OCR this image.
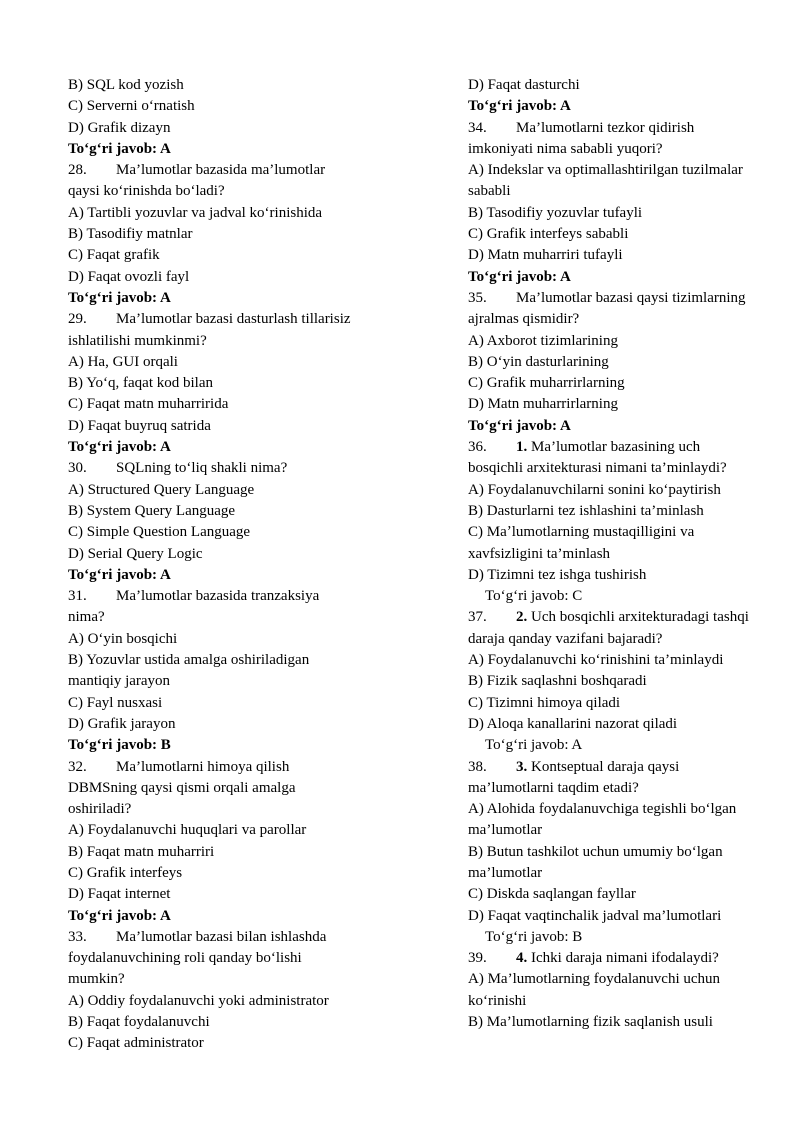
B) SQL kod yozish
C) Serverni o‘rnatish
D) Grafik dizayn
To‘g‘ri javob: A
28.	Ma’lumotlar bazasida ma’lumotlar
qaysi ko‘rinishda bo‘ladi?
A) Tartibli yozuvlar va jadval ko‘rinishida
B) Tasodifiy matnlar
C) Faqat grafik
D) Faqat ovozli fayl
To‘g‘ri javob: A
29.	Ma’lumotlar bazasi dasturlash tillarisiz
ishlatilishi mumkinmi?
A) Ha, GUI orqali
B) Yo‘q, faqat kod bilan
C) Faqat matn muharririda
D) Faqat buyruq satrida
To‘g‘ri javob: A
30.	SQLning to‘liq shakli nima?
A) Structured Query Language
B) System Query Language
C) Simple Question Language
D) Serial Query Logic
To‘g‘ri javob: A
31.	Ma’lumotlar bazasida tranzaksiya
nima?
A) O‘yin bosqichi
B) Yozuvlar ustida amalga oshiriladigan
mantiqiy jarayon
C) Fayl nusxasi
D) Grafik jarayon
To‘g‘ri javob: B
32.	Ma’lumotlarni himoya qilish
DBMSning qaysi qismi orqali amalga
oshiriladi?
A) Foydalanuvchi huquqlari va parollar
B) Faqat matn muharriri
C) Grafik interfeys
D) Faqat internet
To‘g‘ri javob: A
33.	Ma’lumotlar bazasi bilan ishlashda
foydalanuvchining roli qanday bo‘lishi
mumkin?
A) Oddiy foydalanuvchi yoki administrator
B) Faqat foydalanuvchi
C) Faqat administrator
D) Faqat dasturchi
To‘g‘ri javob: A
34.	Ma’lumotlarni tezkor qidirish
imkoniyati nima sababli yuqori?
A) Indekslar va optimallashtirilgan tuzilmalar
sababli
B) Tasodifiy yozuvlar tufayli
C) Grafik interfeys sababli
D) Matn muharriri tufayli
To‘g‘ri javob: A
35.	Ma’lumotlar bazasi qaysi tizimlarning
ajralmas qismidir?
A) Axborot tizimlarining
B) O‘yin dasturlarining
C) Grafik muharrirlarning
D) Matn muharrirlarning
To‘g‘ri javob: A
36.	1. Ma’lumotlar bazasining uch
bosqichli arxitekturasi nimani ta’minlaydi?
A) Foydalanuvchilarni sonini ko‘paytirish
B) Dasturlarni tez ishlashini ta’minlash
C) Maʼlumotlarning mustaqilligini va
xavfsizligini ta’minlash
D) Tizimni tez ishga tushirish
To‘g‘ri javob: C
37.	2. Uch bosqichli arxitekturadagi tashqi
daraja qanday vazifani bajaradi?
A) Foydalanuvchi ko‘rinishini ta’minlaydi
B) Fizik saqlashni boshqaradi
C) Tizimni himoya qiladi
D) Aloqa kanallarini nazorat qiladi
To‘g‘ri javob: A
38.	3. Kontseptual daraja qaysi
ma’lumotlarni taqdim etadi?
A) Alohida foydalanuvchiga tegishli bo‘lgan
ma’lumotlar
B) Butun tashkilot uchun umumiy bo‘lgan
ma’lumotlar
C) Diskda saqlangan fayllar
D) Faqat vaqtinchalik jadval ma’lumotlari
To‘g‘ri javob: B
39.	4. Ichki daraja nimani ifodalaydi?
A) Ma’lumotlarning foydalanuvchi uchun
ko‘rinishi
B) Ma’lumotlarning fizik saqlanish usuli
